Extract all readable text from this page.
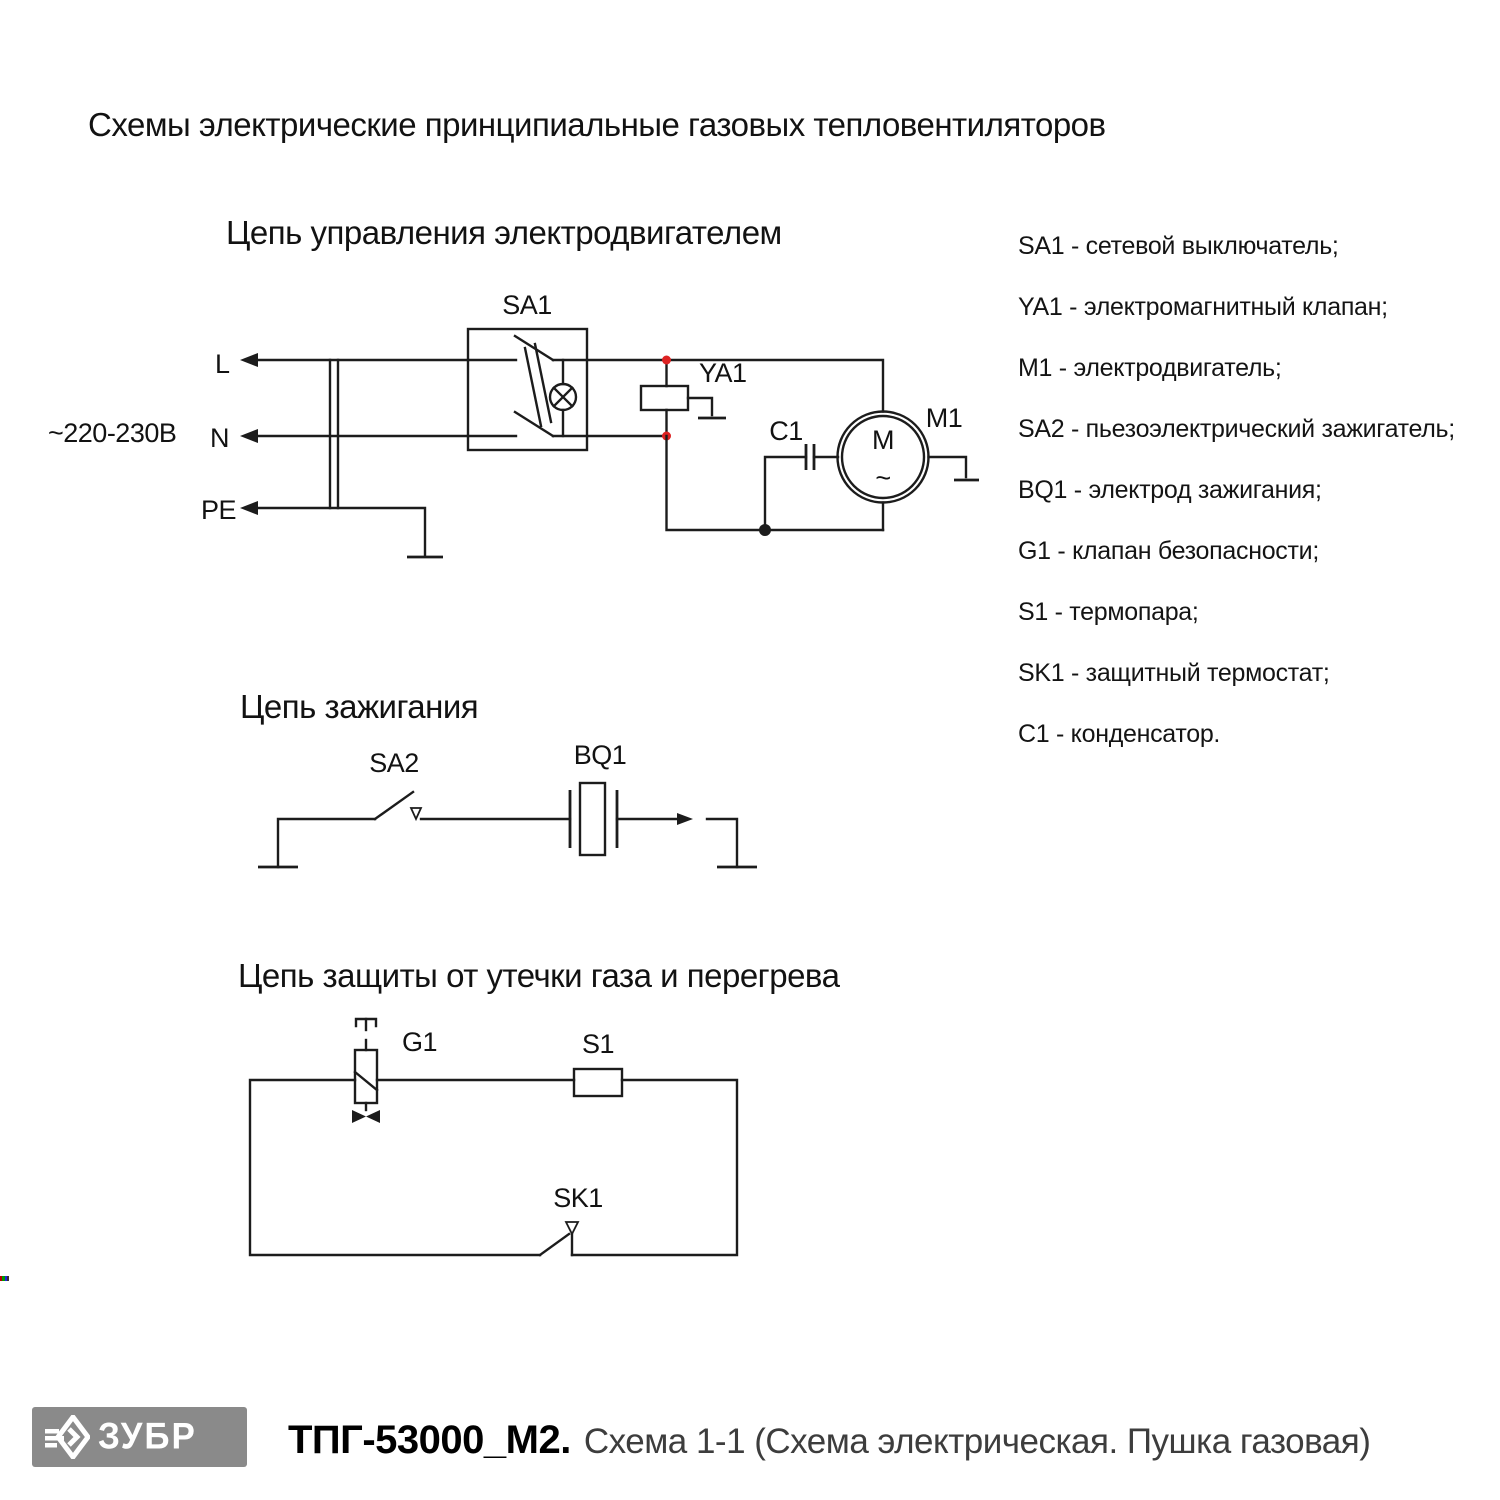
Схемы электрические принципиальные газовых тепловентиляторов
Цепь управления электродвигателем
Цепь зажигания
Цепь защиты от утечки газа и перегрева
~220-230В
L
N
PE
SA1
YA1
C1	M1
M
~
SA2	BQ1
G1	S1
SK1
SA1 - сетевой выключатель;
YA1 - электромагнитный клапан;
M1 - электродвигатель;
SA2 - пьезоэлектрический зажигатель;
BQ1 - электрод зажигания;
G1 - клапан безопасности;
S1 - термопара;
SK1 - защитный термостат;
C1 - конденсатор.
ЗУБР ТПГ-53000_М2. Схема 1-1 (Схема электрическая. Пушка газовая)
